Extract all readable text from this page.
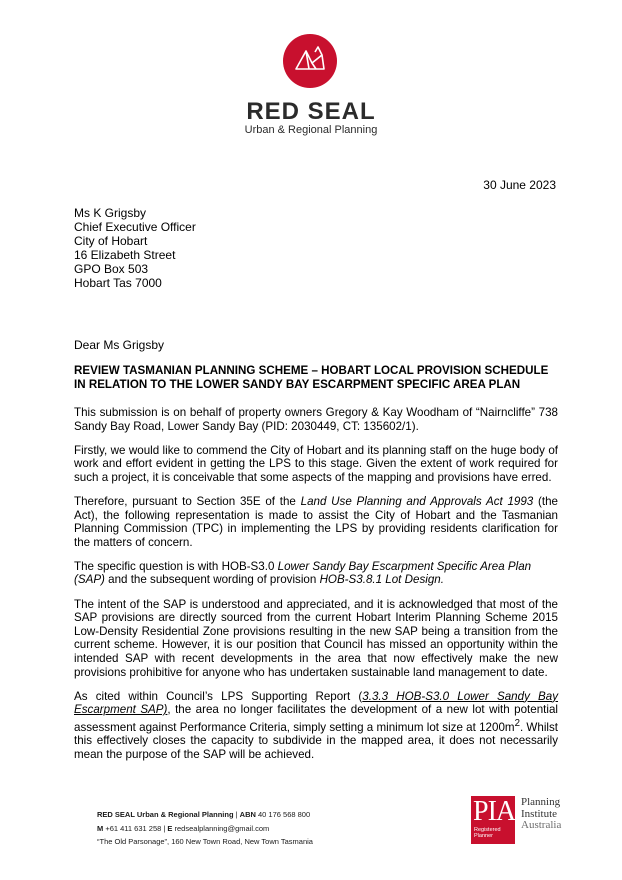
RED SEAL
Urban & Regional Planning
30 June 2023
Ms K Grigsby
Chief Executive Officer
City of Hobart
16 Elizabeth Street
GPO Box 503
Hobart Tas 7000
Dear Ms Grigsby
REVIEW TASMANIAN PLANNING SCHEME – HOBART LOCAL PROVISION SCHEDULE IN RELATION TO THE LOWER SANDY BAY ESCARPMENT SPECIFIC AREA PLAN

This submission is on behalf of property owners Gregory & Kay Woodham of “Nairncliffe” 738 Sandy Bay Road, Lower Sandy Bay (PID: 2030449, CT: 135602/1).

Firstly, we would like to commend the City of Hobart and its planning staff on the huge body of work and effort evident in getting the LPS to this stage. Given the extent of work required for such a project, it is conceivable that some aspects of the mapping and provisions have erred.

Therefore, pursuant to Section 35E of the Land Use Planning and Approvals Act 1993 (the Act), the following representation is made to assist the City of Hobart and the Tasmanian Planning Commission (TPC) in implementing the LPS by providing residents clarification for the matters of concern.

The specific question is with HOB-S3.0 Lower Sandy Bay Escarpment Specific Area Plan (SAP) and the subsequent wording of provision HOB-S3.8.1 Lot Design.

The intent of the SAP is understood and appreciated, and it is acknowledged that most of the SAP provisions are directly sourced from the current Hobart Interim Planning Scheme 2015 Low-Density Residential Zone provisions resulting in the new SAP being a transition from the current scheme. However, it is our position that Council has missed an opportunity within the intended SAP with recent developments in the area that now effectively make the new provisions prohibitive for anyone who has undertaken sustainable land management to date.

As cited within Council’s LPS Supporting Report (3.3.3 HOB-S3.0 Lower Sandy Bay Escarpment SAP), the area no longer facilitates the development of a new lot with potential assessment against Performance Criteria, simply setting a minimum lot size at $1200m^2$. Whilst this effectively closes the capacity to subdivide in the mapped area, it does not necessarily mean the purpose of the SAP will be achieved.

RED SEAL Urban & Regional Planning | ABN 40 176 568 800
M +61 411 631 258 | E redsealplanning@gmail.com
“The Old Parsonage”, 160 New Town Road, New Town Tasmania
PIA
Registered
Planner
Planning
Institute
Australia
